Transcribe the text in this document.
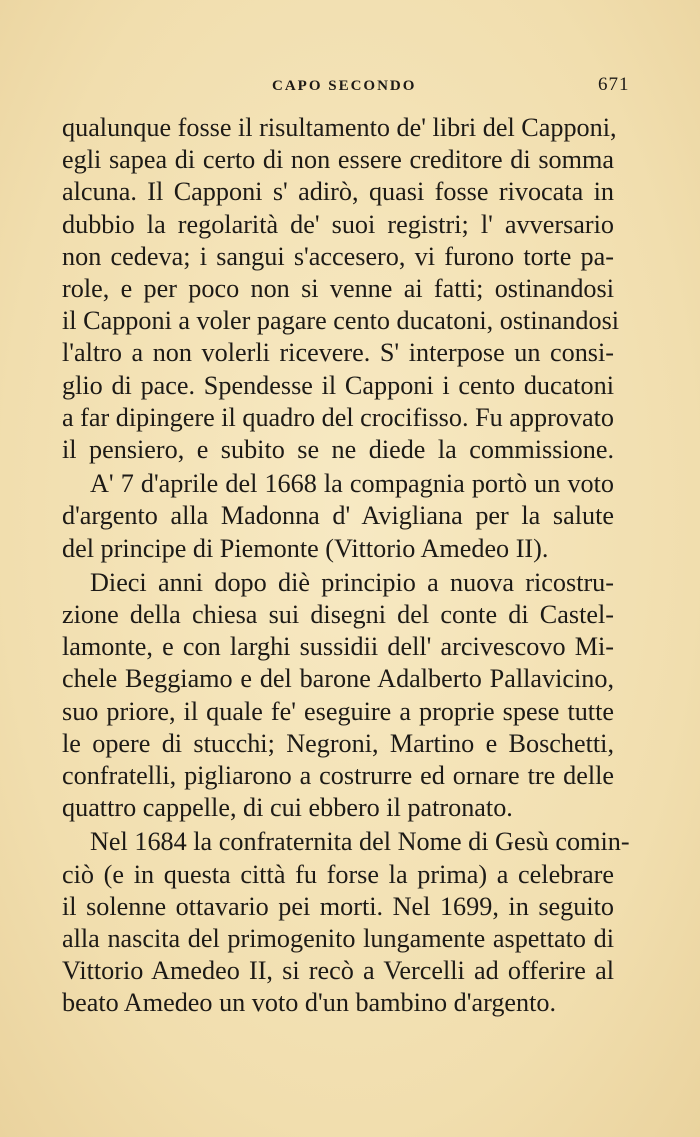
CAPO SECONDO	671
qualunque fosse il risultamento de' libri del Capponi,
egli sapea di certo di non essere creditore di somma
alcuna. Il Capponi s' adirò, quasi fosse rivocata in
dubbio la regolarità de' suoi registri; l' avversario
non cedeva; i sangui s'accesero, vi furono torte pa-
role, e per poco non si venne ai fatti; ostinandosi
il Capponi a voler pagare cento ducatoni, ostinandosi
l'altro a non volerli ricevere. S' interpose un consi-
glio di pace. Spendesse il Capponi i cento ducatoni
a far dipingere il quadro del crocifisso. Fu approvato
il pensiero, e subito se ne diede la commissione.
A' 7 d'aprile del 1668 la compagnia portò un voto
d'argento alla Madonna d' Avigliana per la salute
del principe di Piemonte (Vittorio Amedeo II).
Dieci anni dopo diè principio a nuova ricostru-
zione della chiesa sui disegni del conte di Castel-
lamonte, e con larghi sussidii dell' arcivescovo Mi-
chele Beggiamo e del barone Adalberto Pallavicino,
suo priore, il quale fe' eseguire a proprie spese tutte
le opere di stucchi; Negroni, Martino e Boschetti,
confratelli, pigliarono a costrurre ed ornare tre delle
quattro cappelle, di cui ebbero il patronato.
Nel 1684 la confraternita del Nome di Gesù comin-
ciò (e in questa città fu forse la prima) a celebrare
il solenne ottavario pei morti. Nel 1699, in seguito
alla nascita del primogenito lungamente aspettato di
Vittorio Amedeo II, si recò a Vercelli ad offerire al
beato Amedeo un voto d'un bambino d'argento.
